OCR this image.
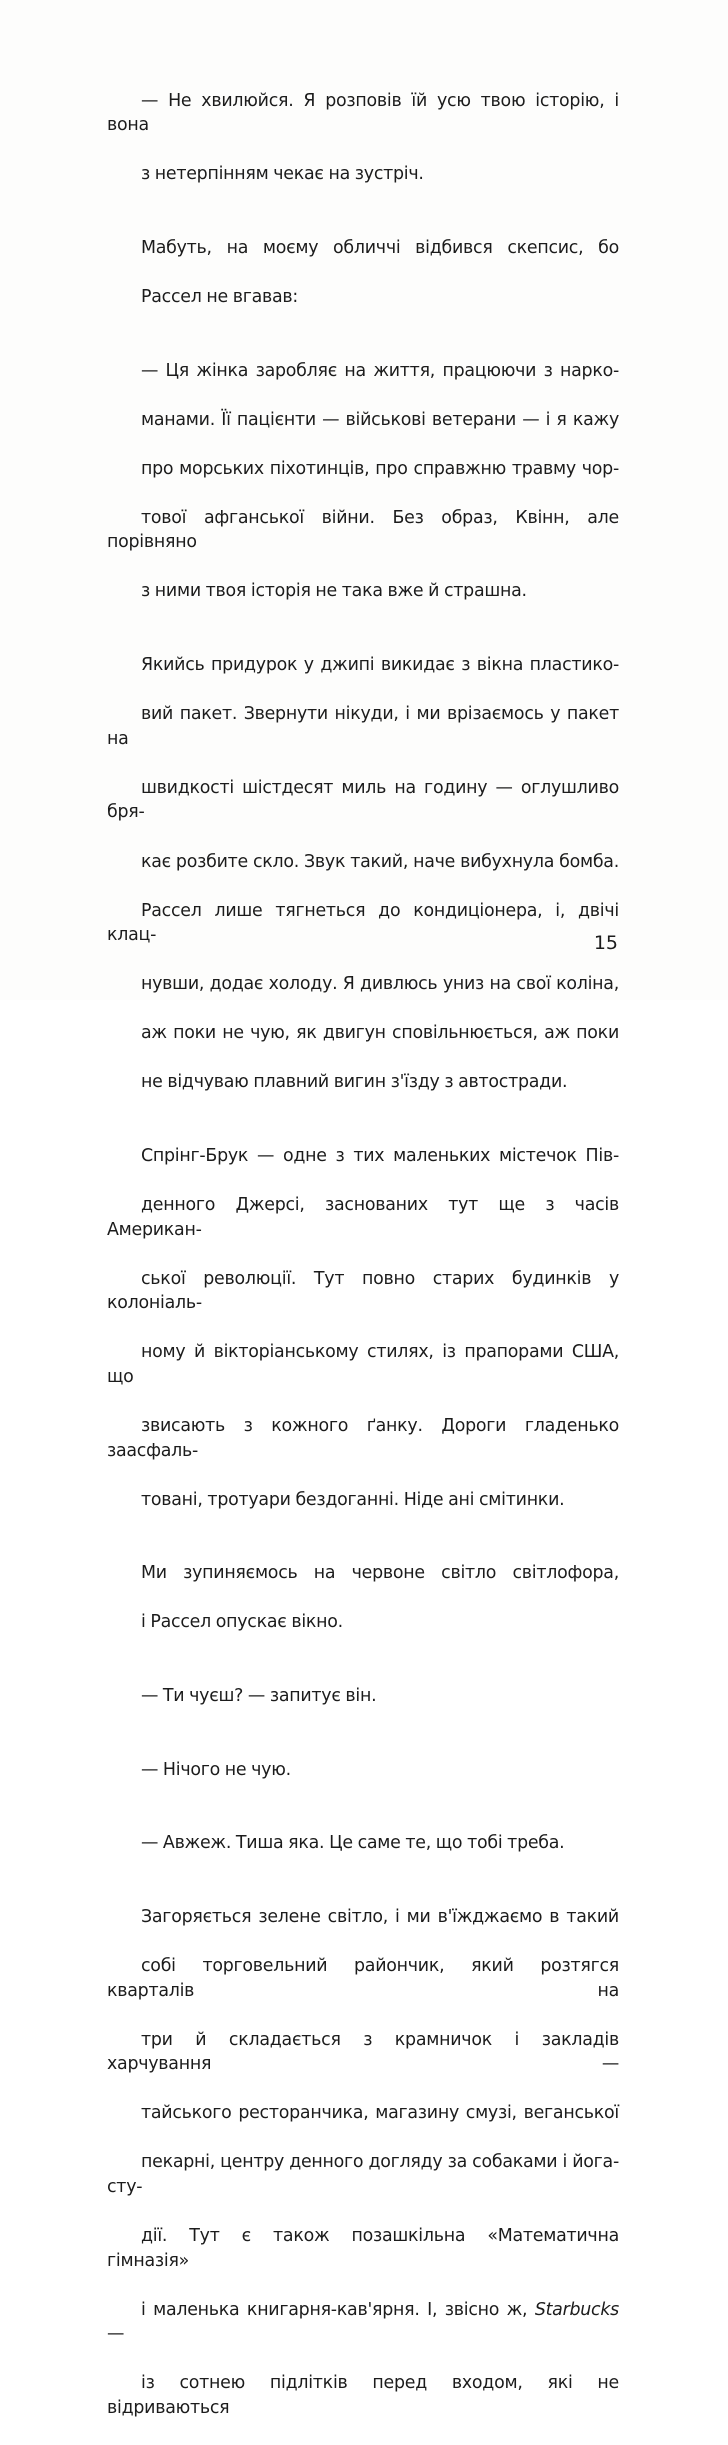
— Не хвилюйся. Я розповів їй усю твою історію, і вона

з нетерпінням чекає на зустріч.

Мабуть, на моєму обличчі відбився скепсис, бо

Рассел не вгавав:

— Ця жінка заробляє на життя, працюючи з нарко-

манами. Її пацієнти — військові ветерани — і я кажу

про морських піхотинців, про справжню травму чор-

тової афганської війни. Без образ, Квінн, але порівняно

з ними твоя історія не така вже й страшна.

Якийсь придурок у джипі викидає з вікна пластико-

вий пакет. Звернути нікуди, і ми врізаємось у пакет на

швидкості шістдесят миль на годину — оглушливо бря-

кає розбите скло. Звук такий, наче вибухнула бомба.

Рассел лише тягнеться до кондиціонера, і, двічі клац-

нувши, додає холоду. Я дивлюсь униз на свої коліна,

аж поки не чую, як двигун сповільнюється, аж поки

не відчуваю плавний вигин з'їзду з автостради.

Спрінг-Брук — одне з тих маленьких містечок Пів-

денного Джерсі, заснованих тут ще з часів Американ-

ської революції. Тут повно старих будинків у колоніаль-

ному й вікторіанському стилях, із прапорами США, що

звисають з кожного ґанку. Дороги гладенько заасфаль-

товані, тротуари бездоганні. Ніде ані смітинки.

Ми зупиняємось на червоне світло світлофора,

і Рассел опускає вікно.

— Ти чуєш? — запитує він.

— Нічого не чую.

— Авжеж. Тиша яка. Це саме те, що тобі треба.

Загоряється зелене світло, і ми в'їжджаємо в такий

собі торговельний райончик, який розтягся кварталів на

три й складається з крамничок і закладів харчування —

тайського ресторанчика, магазину смузі, веганської

пекарні, центру денного догляду за собаками і йога-сту-

дії. Тут є також позашкільна «Математична гімназія»

і маленька книгарня-кав'ярня. І, звісно ж, Starbucks —

із сотнею підлітків перед входом, які не відриваються

15
